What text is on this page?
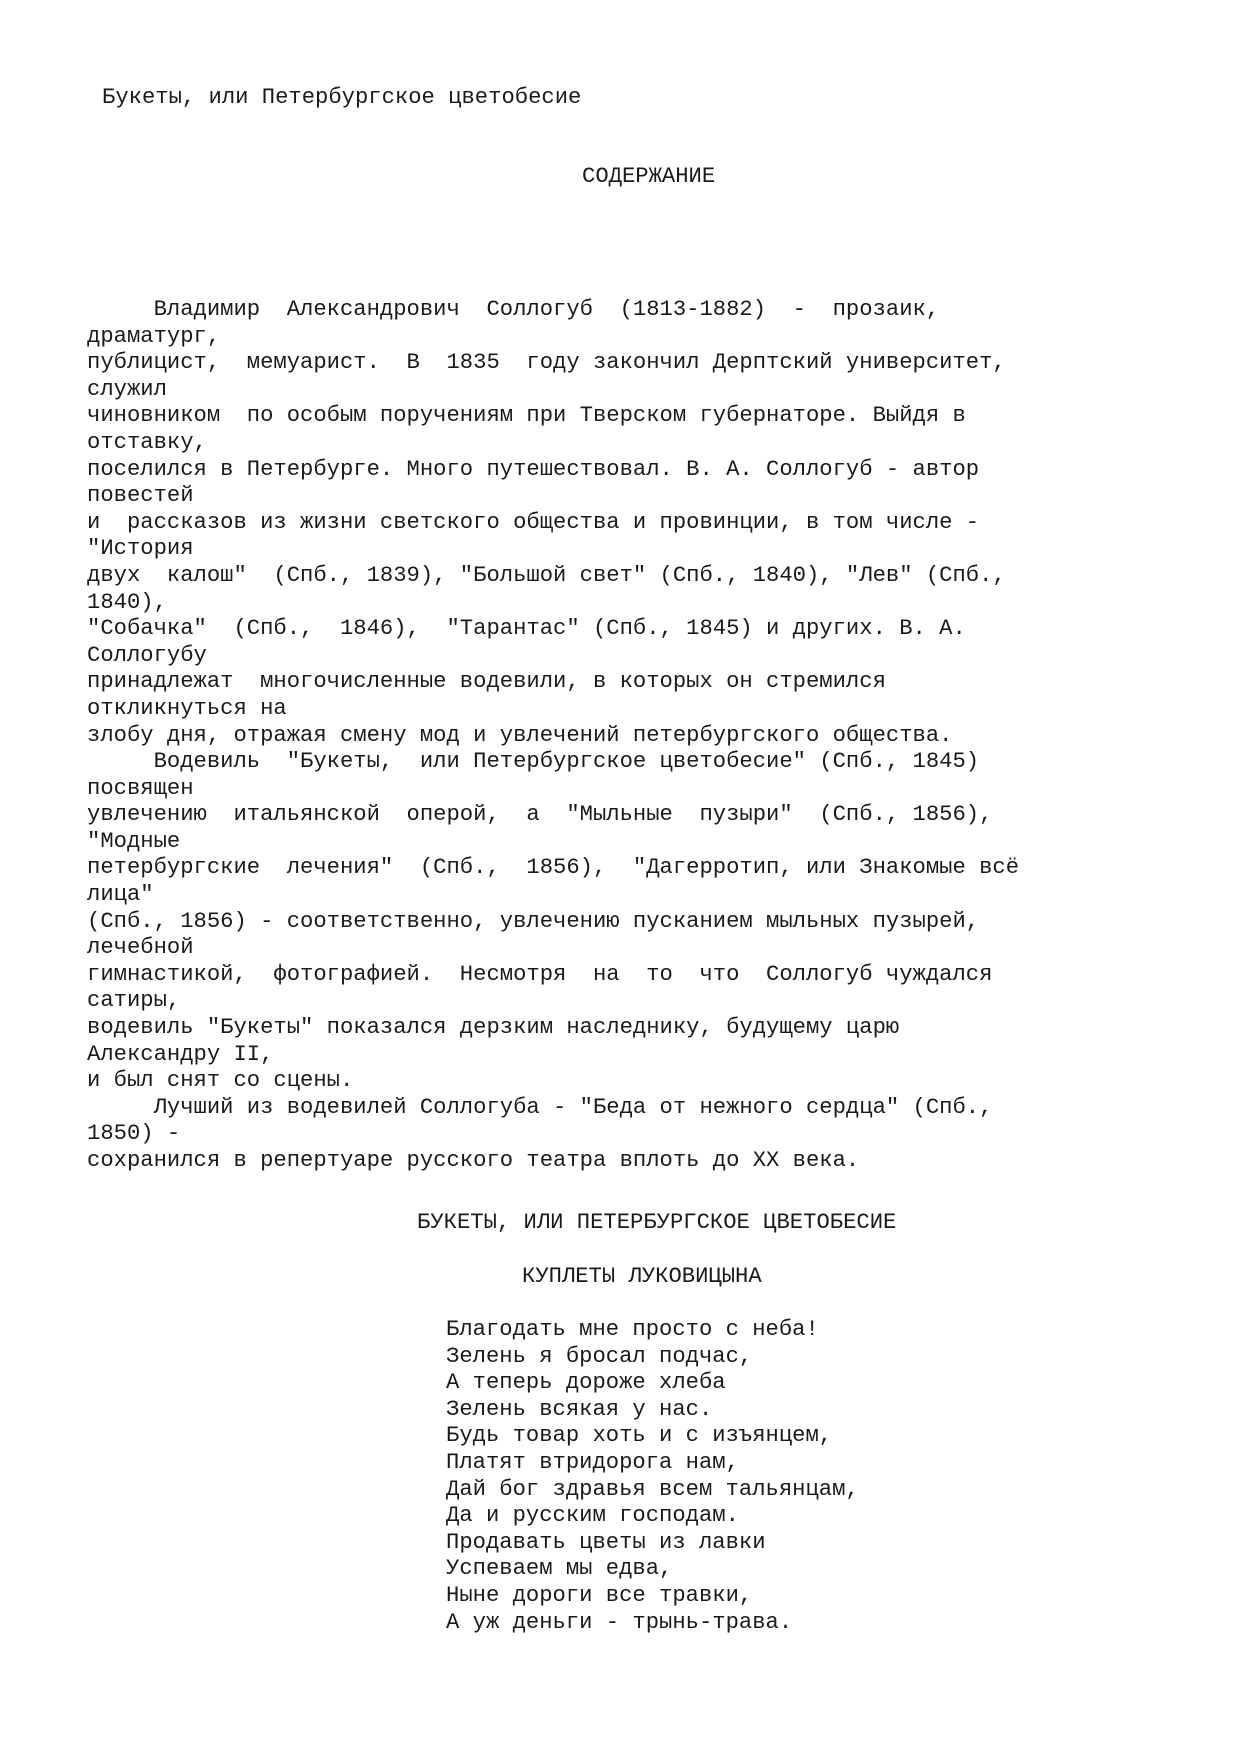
Букеты, или Петербургское цветобесие
СОДЕРЖАНИЕ
Владимир  Александрович  Соллогуб  (1813-1882)  -  прозаик,
драматург,
публицист,  мемуарист.  В  1835  году закончил Дерптский университет,
служил
чиновником  по особым поручениям при Тверском губернаторе. Выйдя в
отставку,
поселился в Петербурге. Много путешествовал. В. А. Соллогуб - автор
повестей
и  рассказов из жизни светского общества и провинции, в том числе -
"История
двух  калош"  (Спб., 1839), "Большой свет" (Спб., 1840), "Лев" (Спб.,
1840),
"Собачка"  (Спб.,  1846),  "Тарантас" (Спб., 1845) и других. В. А.
Соллогубу
принадлежат  многочисленные водевили, в которых он стремился
откликнуться на
злобу дня, отражая смену мод и увлечений петербургского общества.
Водевиль  "Букеты,  или Петербургское цветобесие" (Спб., 1845)
посвящен
увлечению  итальянской  оперой,  а  "Мыльные  пузыри"  (Спб., 1856),
"Модные
петербургские  лечения"  (Спб.,  1856),  "Дагерротип, или Знакомые всё
лица"
(Спб., 1856) - соответственно, увлечению пусканием мыльных пузырей,
лечебной
гимнастикой,  фотографией.  Несмотря  на  то  что  Соллогуб чуждался
сатиры,
водевиль "Букеты" показался дерзким наследнику, будущему царю
Александру II,
и был снят со сцены.
Лучший из водевилей Соллогуба - "Беда от нежного сердца" (Спб.,
1850) -
сохранился в репертуаре русского театра вплоть до XX века.
БУКЕТЫ, ИЛИ ПЕТЕРБУРГСКОЕ ЦВЕТОБЕСИЕ
КУПЛЕТЫ ЛУКОВИЦЫНА
Благодать мне просто с неба!
Зелень я бросал подчас,
А теперь дороже хлеба
Зелень всякая у нас.
Будь товар хоть и с изъянцем,
Платят втридорога нам,
Дай бог здравья всем тальянцам,
Да и русским господам.
Продавать цветы из лавки
Успеваем мы едва,
Ныне дороги все травки,
А уж деньги - трынь-трава.
